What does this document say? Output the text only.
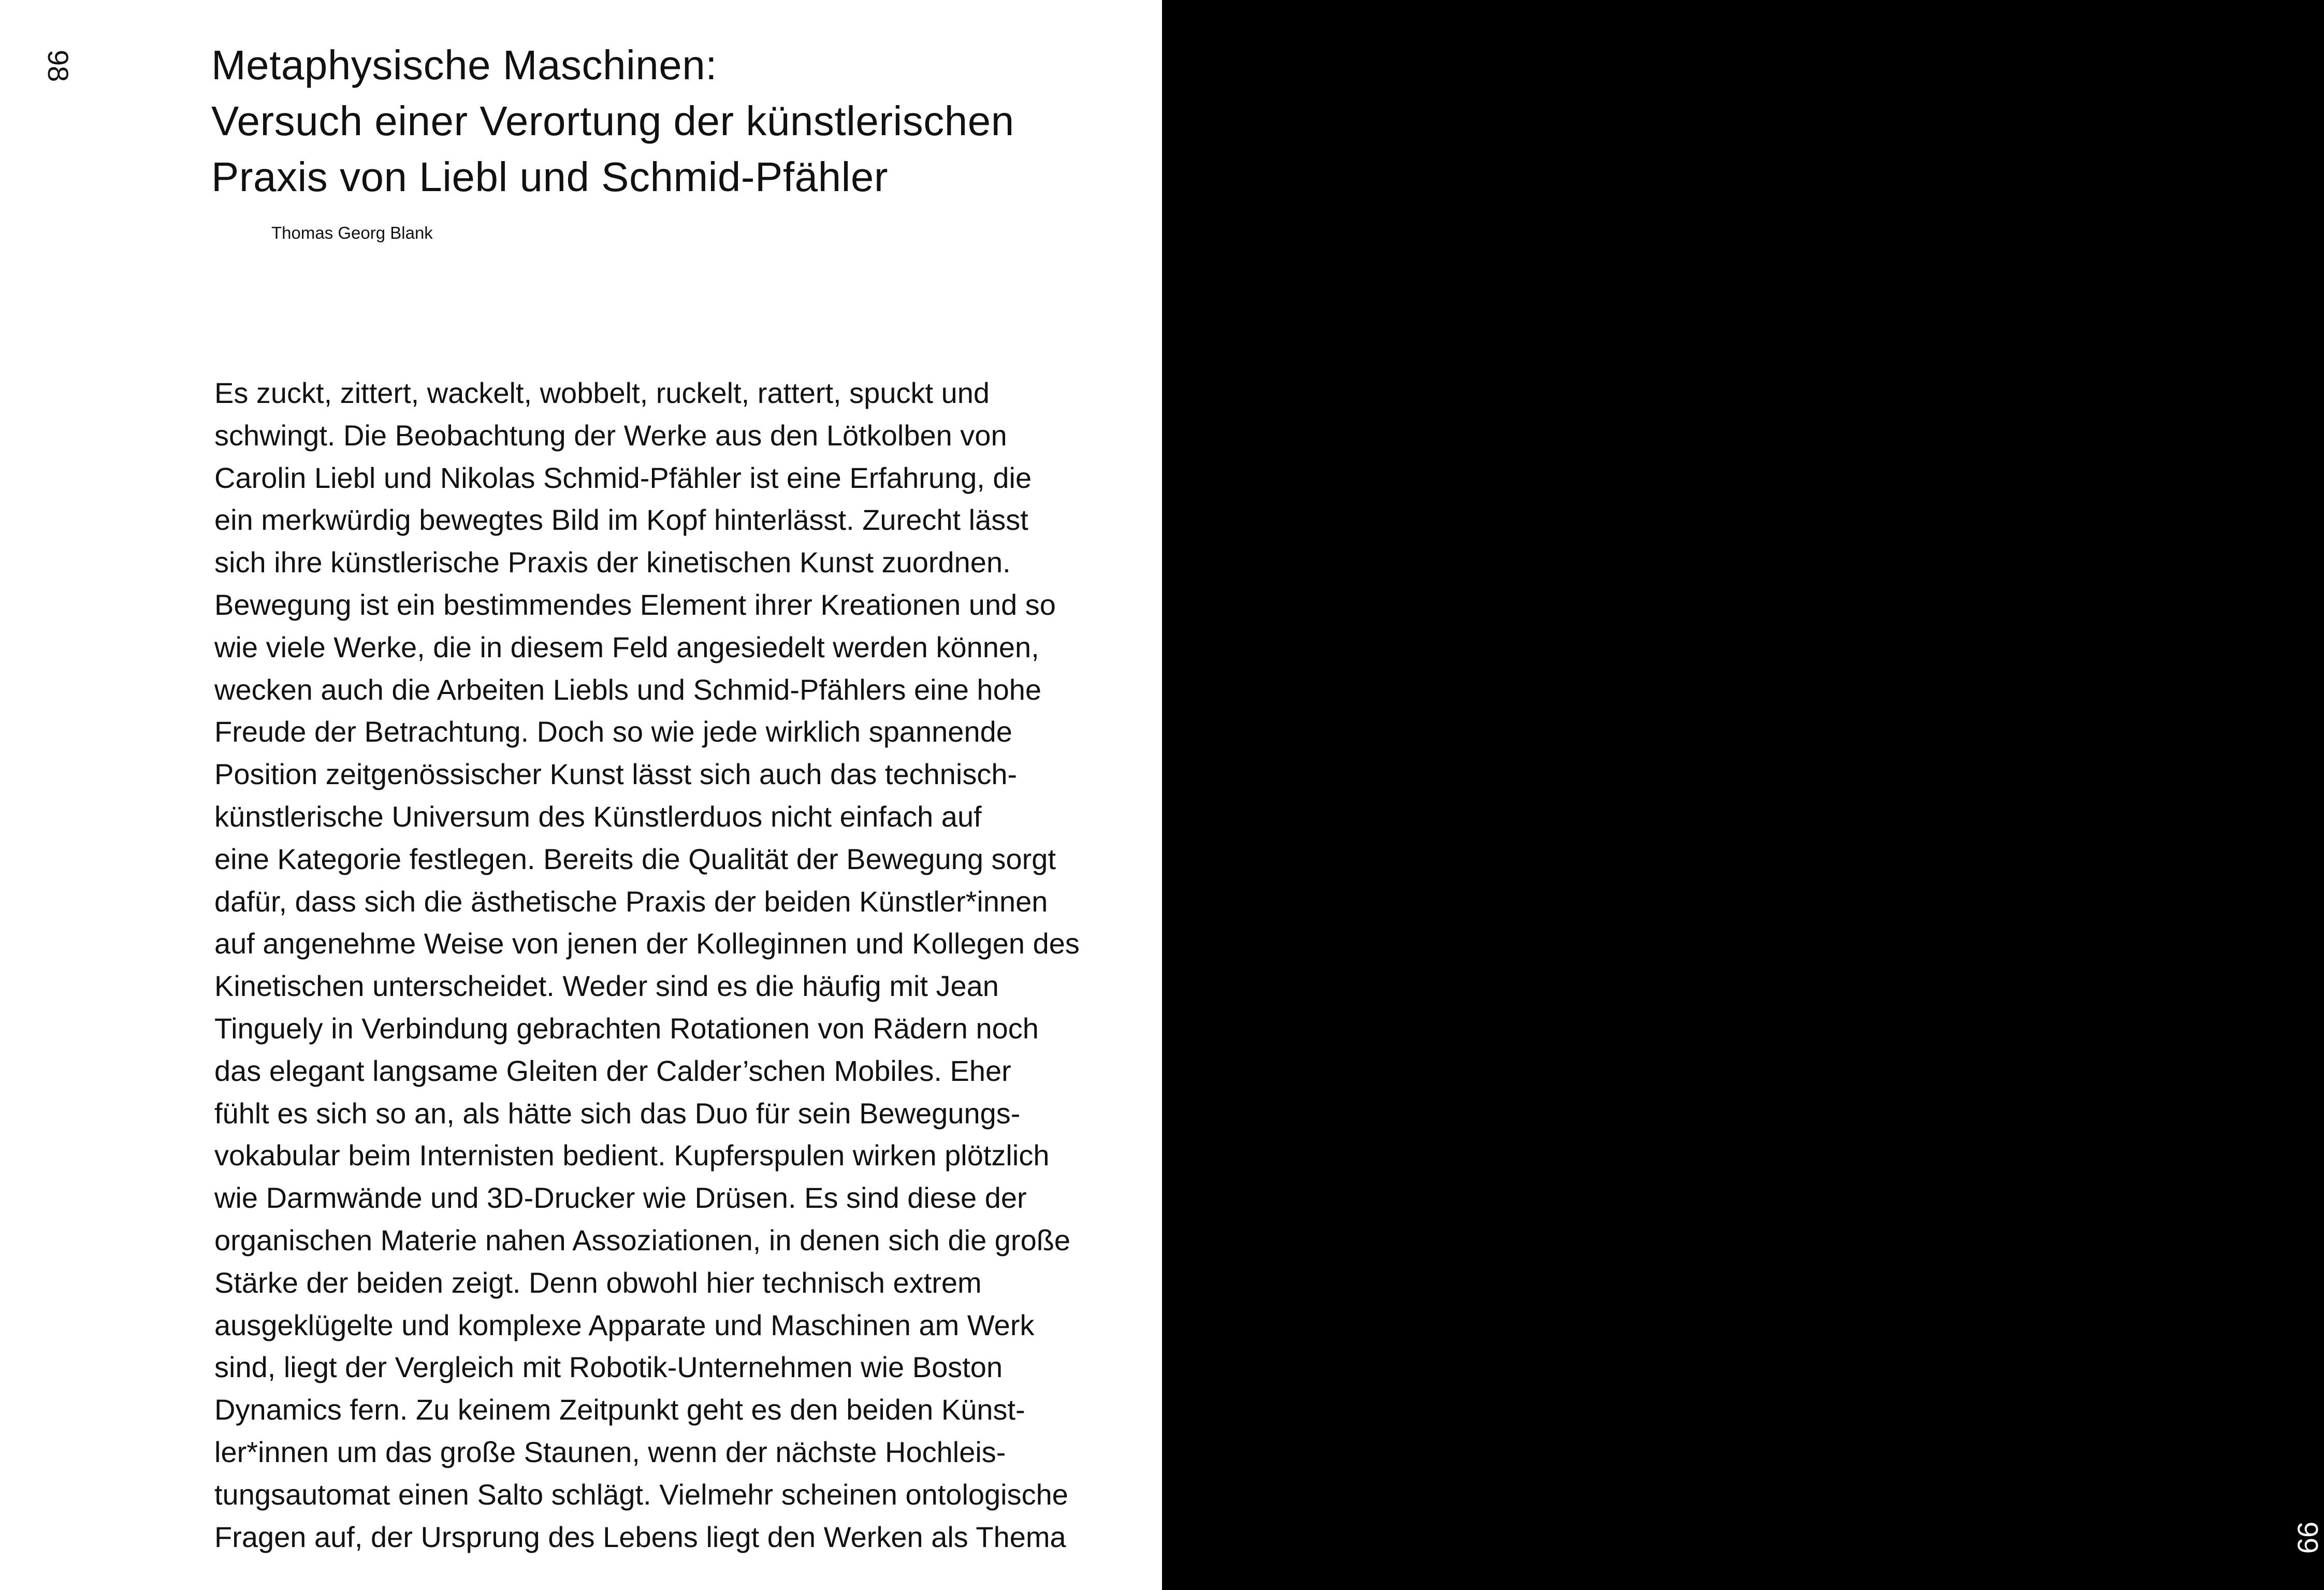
98	Metaphysische Maschinen:
Versuch einer Verortung der künstlerischen
Praxis von Liebl und Schmid-Pfähler
Thomas Georg Blank

Es zuckt, zittert, wackelt, wobbelt, ruckelt, rattert, spuckt und
schwingt. Die Beobachtung der Werke aus den Lötkolben von
Carolin Liebl und Nikolas Schmid-Pfähler ist eine Erfahrung, die
ein merkwürdig bewegtes Bild im Kopf hinterlässt. Zurecht lässt
sich ihre künstlerische Praxis der kinetischen Kunst zuordnen.
Bewegung ist ein bestimmendes Element ihrer Kreationen und so
wie viele Werke, die in diesem Feld angesiedelt werden können,
wecken auch die Arbeiten Liebls und Schmid-Pfählers eine hohe
Freude der Betrachtung. Doch so wie jede wirklich spannende
Position zeitgenössischer Kunst lässt sich auch das technisch-
künstlerische Universum des Künstlerduos nicht einfach auf
eine Kategorie festlegen. Bereits die Qualität der Bewegung sorgt
dafür, dass sich die ästhetische Praxis der beiden Künstler*innen
auf angenehme Weise von jenen der Kolleginnen und Kollegen des
Kinetischen unterscheidet. Weder sind es die häufig mit Jean
Tinguely in Verbindung gebrachten Rotationen von Rädern noch
das elegant langsame Gleiten der Calder’schen Mobiles. Eher
fühlt es sich so an, als hätte sich das Duo für sein Bewegungs-
vokabular beim Internisten bedient. Kupferspulen wirken plötzlich
wie Darmwände und 3D-Drucker wie Drüsen. Es sind diese der
organischen Materie nahen Assoziationen, in denen sich die große
Stärke der beiden zeigt. Denn obwohl hier technisch extrem
ausgeklügelte und komplexe Apparate und Maschinen am Werk
sind, liegt der Vergleich mit Robotik-Unternehmen wie Boston
Dynamics fern. Zu keinem Zeitpunkt geht es den beiden Künst-
ler*innen um das große Staunen, wenn der nächste Hochleis-
tungsautomat einen Salto schlägt. Vielmehr scheinen ontologische
Fragen auf, der Ursprung des Lebens liegt den Werken als Thema	99
